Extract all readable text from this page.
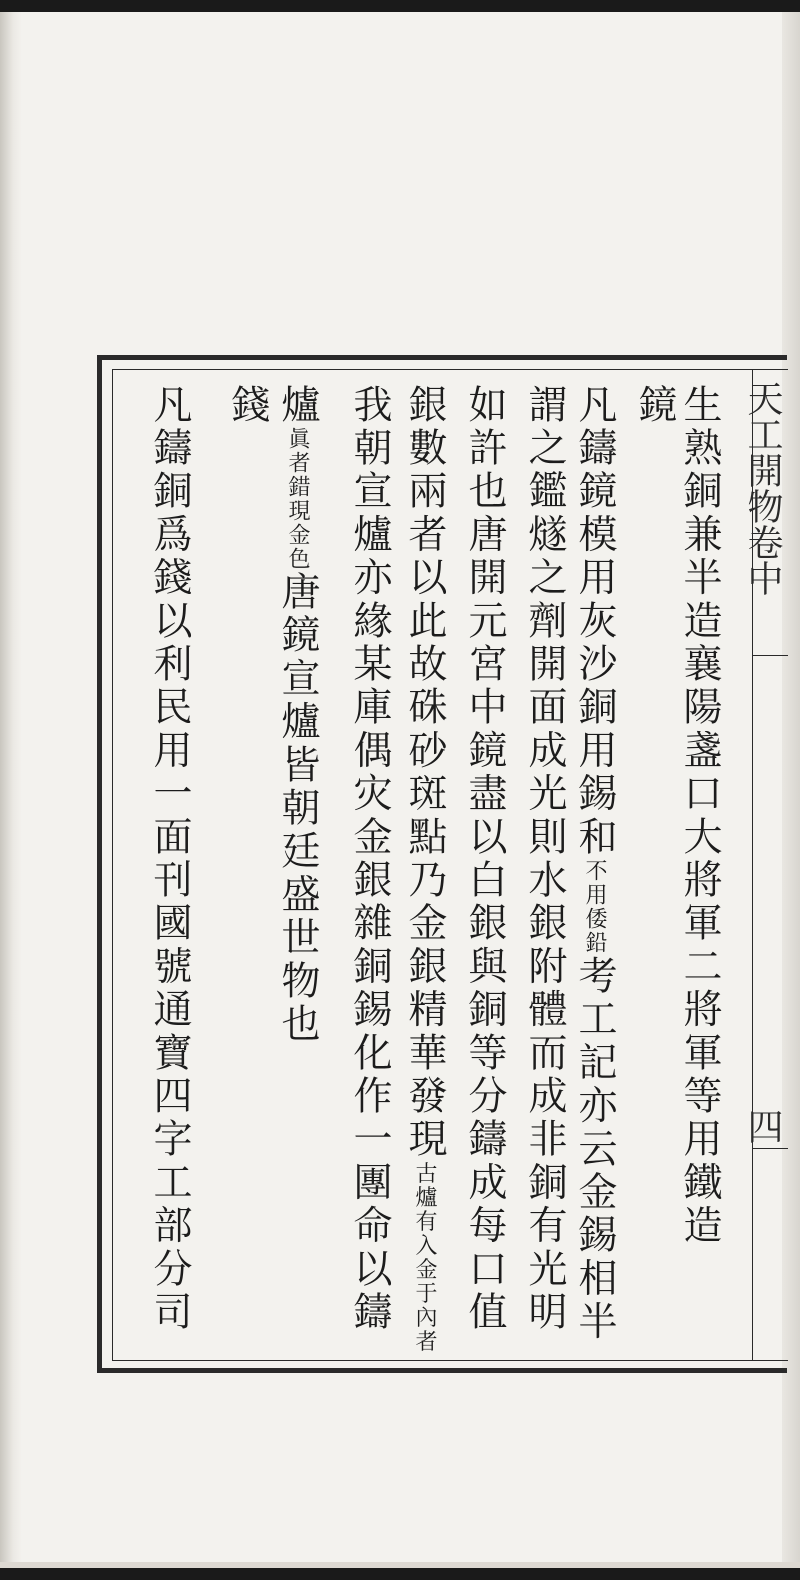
天工開物卷中
四
生熟銅兼半造襄陽盞口大將軍二將軍等用鐵造
鏡
凡鑄鏡模用灰沙銅用錫和不用倭鉛考工記亦云金錫相半
謂之鑑燧之劑開面成光則水銀附體而成非銅有光明
如許也唐開元宮中鏡盡以白銀與銅等分鑄成每口值
銀數兩者以此故硃砂斑點乃金銀精華發現古爐有入金于內者
我朝宣爐亦緣某庫偶灾金銀雜銅錫化作一團命以鑄
爐眞者錯現金色唐鏡宣爐皆朝廷盛世物也
錢
凡鑄銅爲錢以利民用一面刊國號通寶四字工部分司
